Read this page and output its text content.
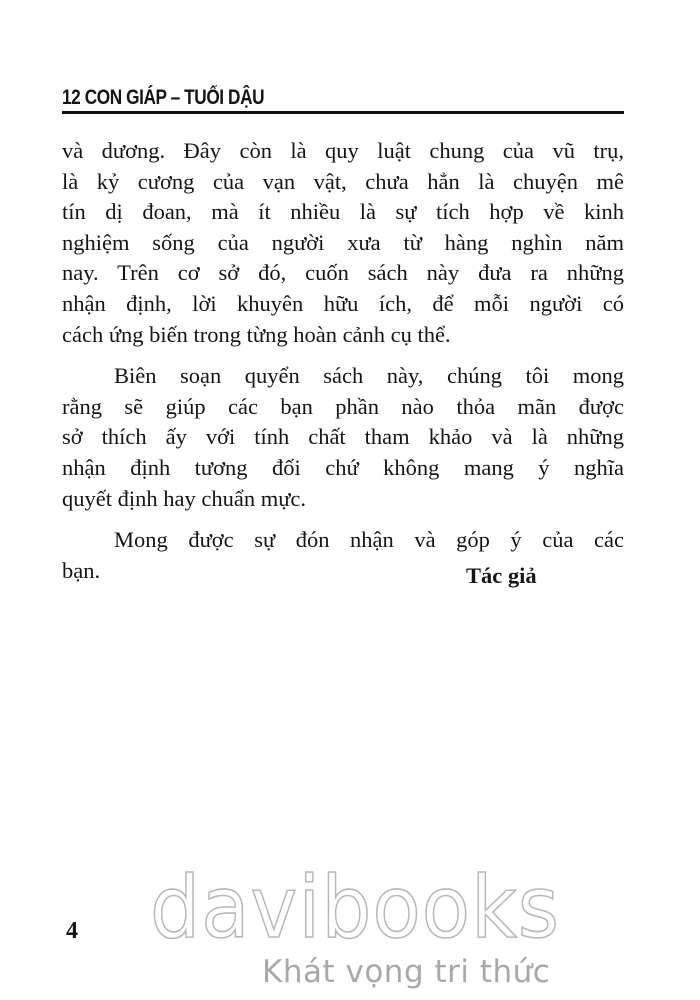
12 CON GIÁP – TUỔI DẬU
và dương. Đây còn là quy luật chung của vũ trụ,
là kỷ cương của vạn vật, chưa hẳn là chuyện mê
tín dị đoan, mà ít nhiều là sự tích hợp về kinh
nghiệm sống của người xưa từ hàng nghìn năm
nay. Trên cơ sở đó, cuốn sách này đưa ra những
nhận định, lời khuyên hữu ích, để mỗi người có
cách ứng biến trong từng hoàn cảnh cụ thể.
Biên soạn quyển sách này, chúng tôi mong
rằng sẽ giúp các bạn phần nào thỏa mãn được
sở thích ấy với tính chất tham khảo và là những
nhận định tương đối chứ không mang ý nghĩa
quyết định hay chuẩn mực.
Mong được sự đón nhận và góp ý của các
bạn.	Tác giả
4 davibooks
Khát vọng tri thức
